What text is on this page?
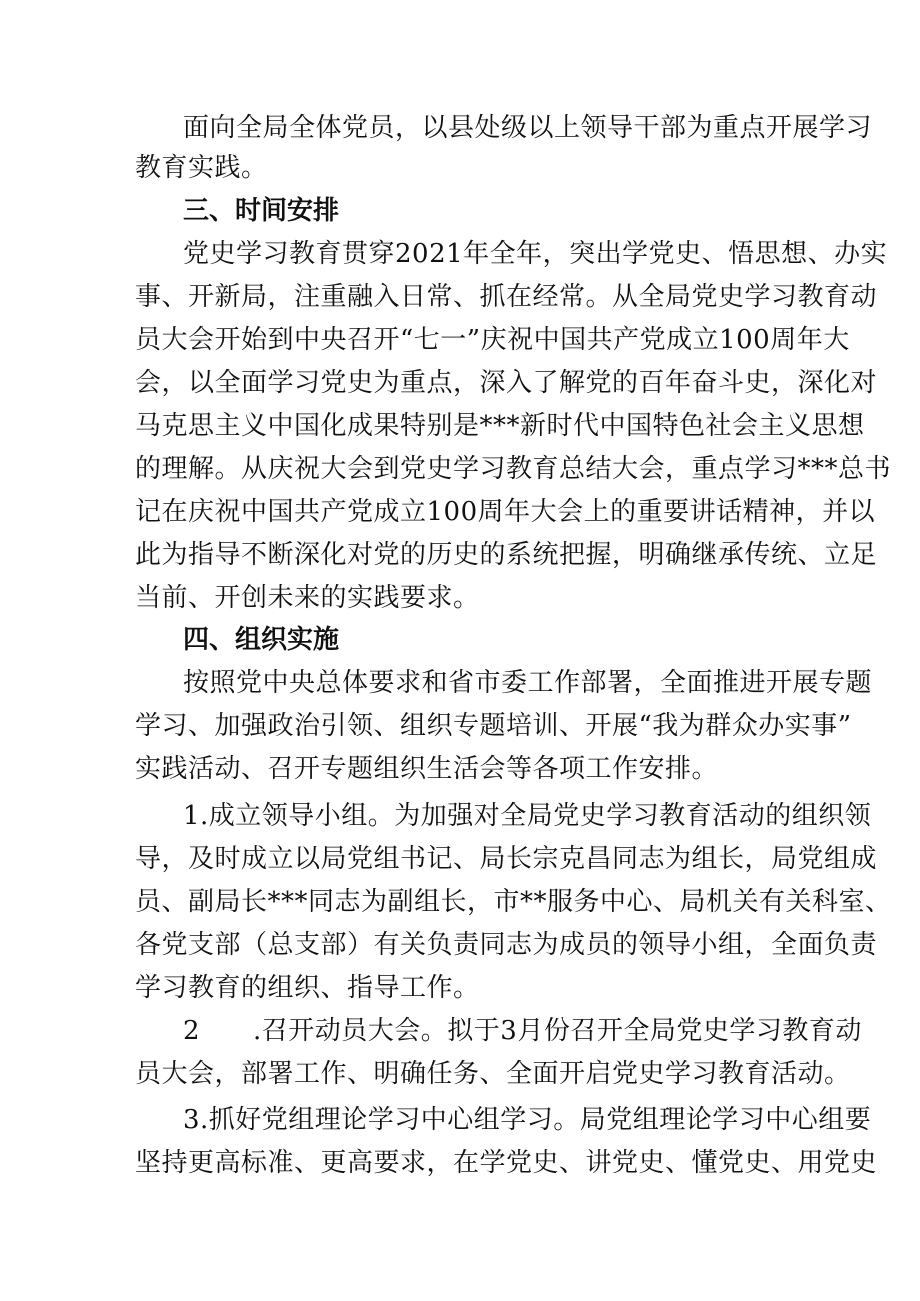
面向全局全体党员，以县处级以上领导干部为重点开展学习
教育实践。
三、时间安排
党史学习教育贯穿2021年全年，突出学党史、悟思想、办实
事、开新局，注重融入日常、抓在经常。从全局党史学习教育动
员大会开始到中央召开“七一”庆祝中国共产党成立100周年大
会，以全面学习党史为重点，深入了解党的百年奋斗史，深化对
马克思主义中国化成果特别是***新时代中国特色社会主义思想
的理解。从庆祝大会到党史学习教育总结大会，重点学习***总书
记在庆祝中国共产党成立100周年大会上的重要讲话精神，并以
此为指导不断深化对党的历史的系统把握，明确继承传统、立足
当前、开创未来的实践要求。
四、组织实施
按照党中央总体要求和省市委工作部署，全面推进开展专题
学习、加强政治引领、组织专题培训、开展“我为群众办实事”
实践活动、召开专题组织生活会等各项工作安排。
1.成立领导小组。为加强对全局党史学习教育活动的组织领
导，及时成立以局党组书记、局长宗克昌同志为组长，局党组成
员、副局长***同志为副组长，市**服务中心、局机关有关科室、
各党支部（总支部）有关负责同志为成员的领导小组，全面负责
学习教育的组织、指导工作。
2　　.召开动员大会。拟于3月份召开全局党史学习教育动
员大会，部署工作、明确任务、全面开启党史学习教育活动。
3.抓好党组理论学习中心组学习。局党组理论学习中心组要
坚持更高标准、更高要求，在学党史、讲党史、懂党史、用党史
